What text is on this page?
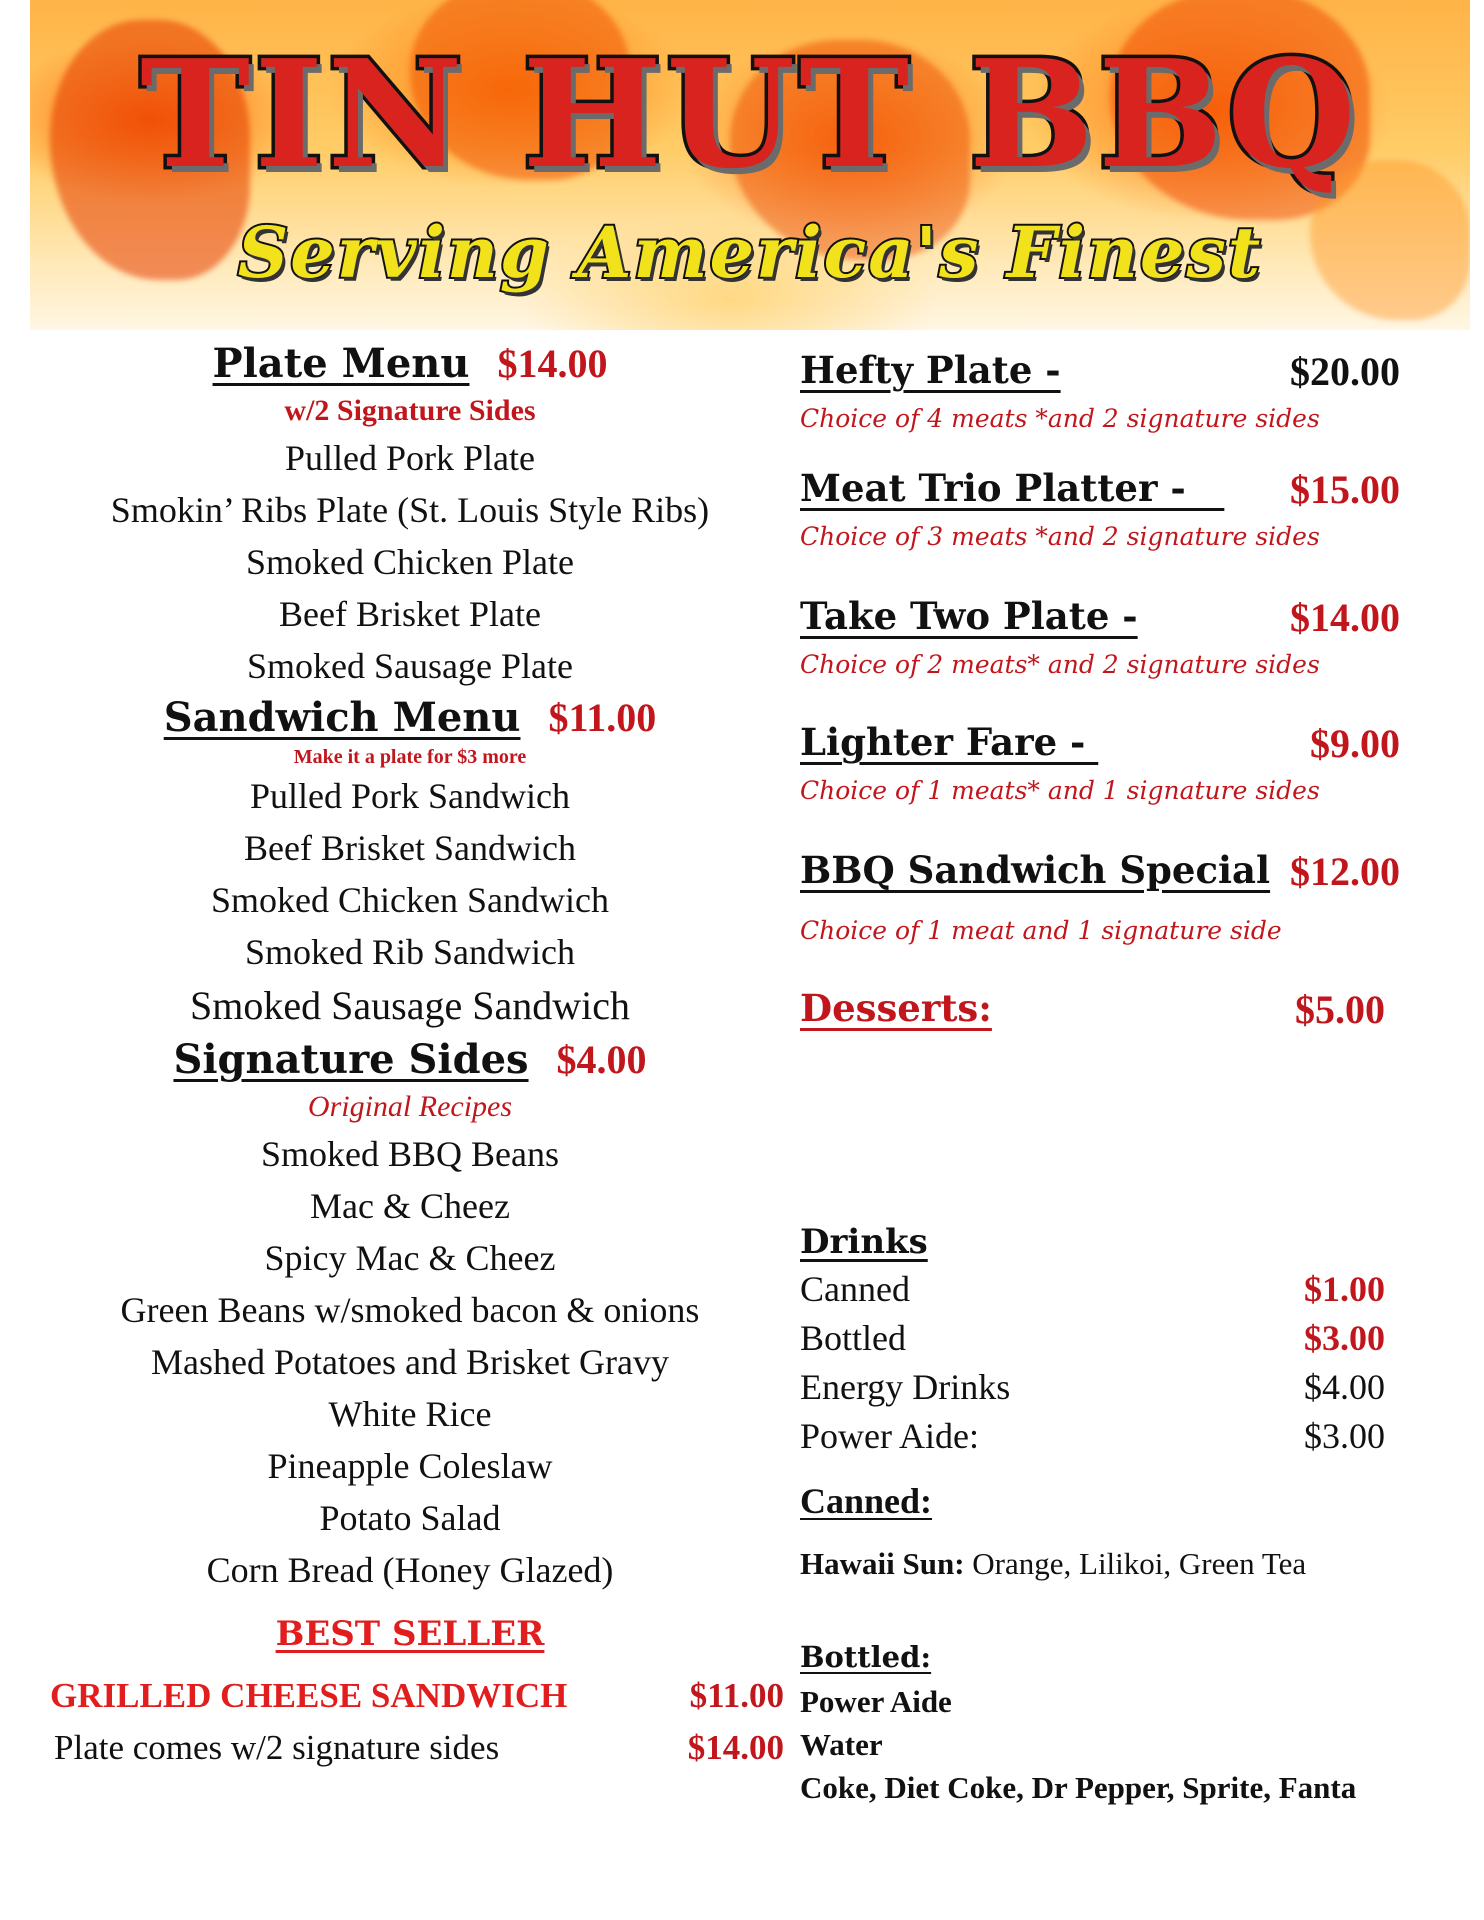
TIN HUT BBQ
Serving America's Finest
Plate Menu $14.00
w/2 Signature Sides
Pulled Pork Plate
Smokin’ Ribs Plate (St. Louis Style Ribs)
Smoked Chicken Plate
Beef Brisket Plate
Smoked Sausage Plate
Sandwich Menu $11.00
Make it a plate for $3 more
Pulled Pork Sandwich
Beef Brisket Sandwich
Smoked Chicken Sandwich
Smoked Rib Sandwich
Smoked Sausage Sandwich
Signature Sides $4.00
Original Recipes
Smoked BBQ Beans
Mac & Cheez
Spicy Mac & Cheez
Green Beans w/smoked bacon & onions
Mashed Potatoes and Brisket Gravy
White Rice
Pineapple Coleslaw
Potato Salad
Corn Bread (Honey Glazed)
BEST SELLER
GRILLED CHEESE SANDWICH	$11.00
Plate comes w/2 signature sides	$14.00
Hefty Plate -	$20.00
Choice of 4 meats *and 2 signature sides
Meat Trio Platter -	$15.00
Choice of 3 meats *and 2 signature sides
Take Two Plate -	$14.00
Choice of 2 meats* and 2 signature sides
Lighter Fare -	$9.00
Choice of 1 meats* and 1 signature sides
BBQ Sandwich Special $12.00
Choice of 1 meat and 1 signature side
Desserts:	$5.00
Drinks
Canned	$1.00
Bottled	$3.00
Energy Drinks	$4.00
Power Aide:	$3.00
Canned:
Hawaii Sun: Orange, Lilikoi, Green Tea
Bottled:
Power Aide
Water
Coke, Diet Coke, Dr Pepper, Sprite, Fanta
